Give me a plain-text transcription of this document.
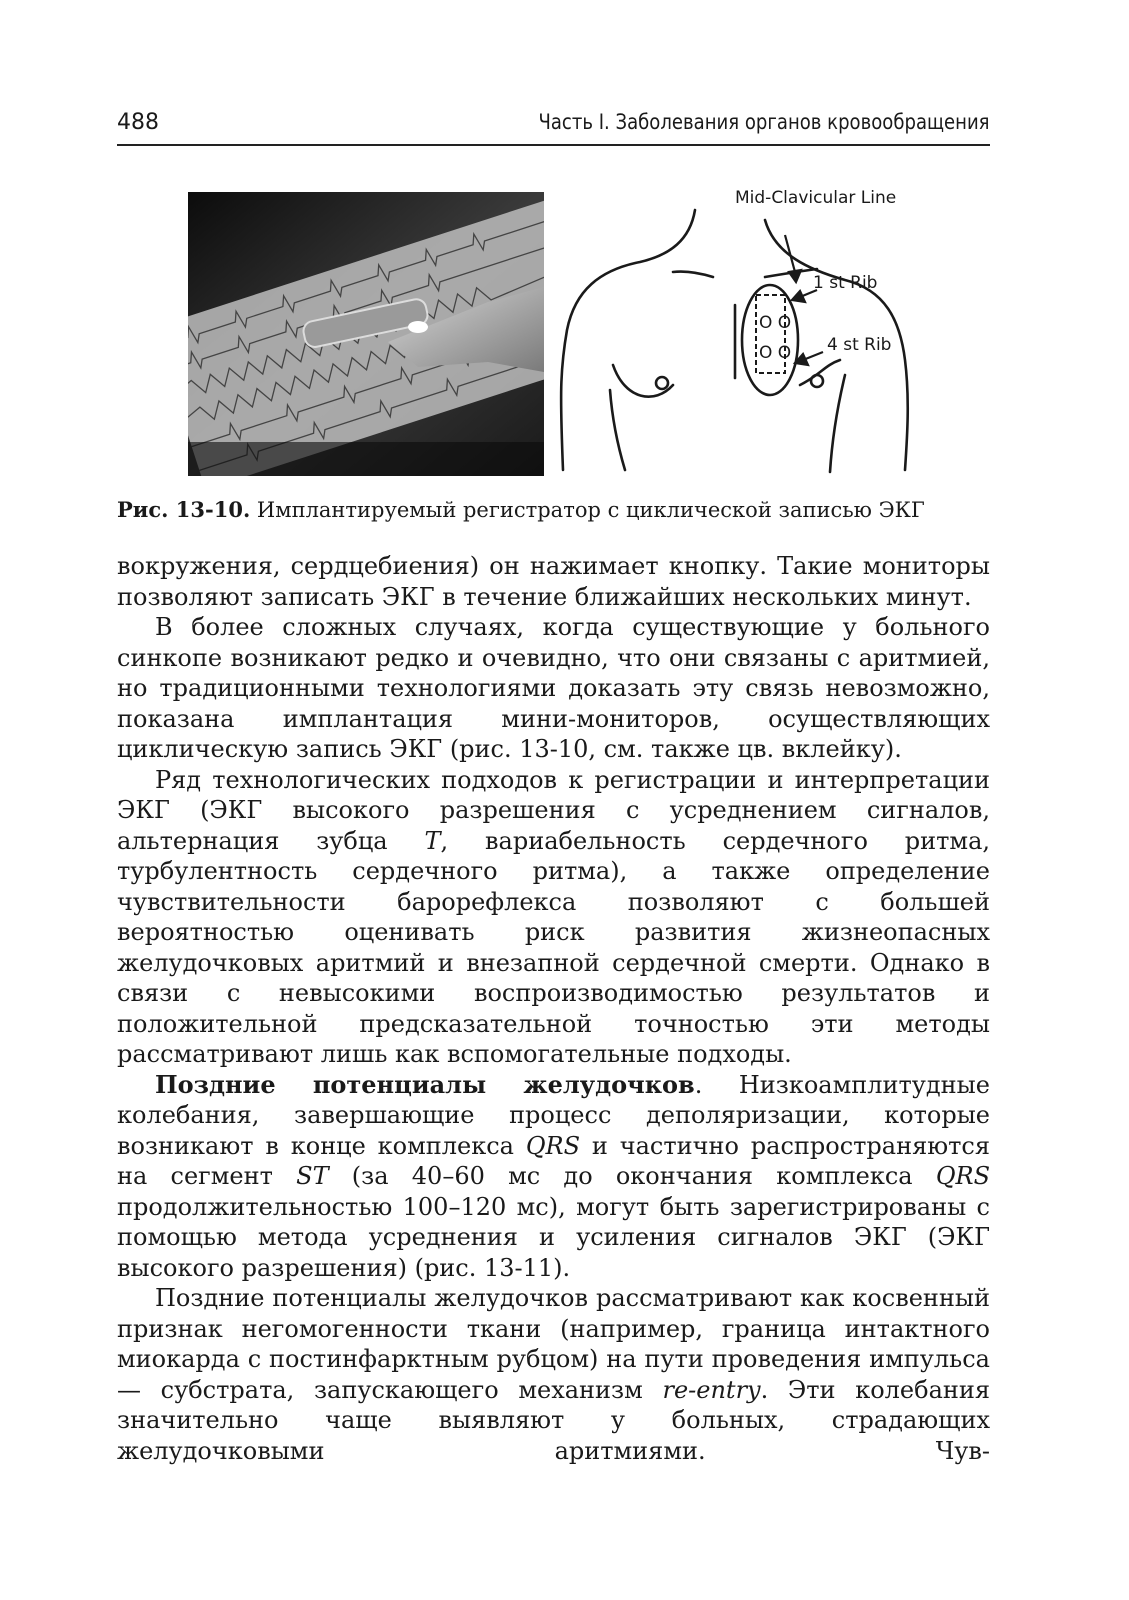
488	Часть I. Заболевания органов кровообращения
O O
O O
Mid-Clavicular Line
1 st Rib
4 st Rib
Рис. 13-10. Имплантируемый регистратор с циклической записью ЭКГ

вокружения, сердцебиения) он нажимает кнопку. Такие мониторы позволяют записать ЭКГ в течение ближайших нескольких минут.

В более сложных случаях, когда существующие у больного синкопе возникают редко и очевидно, что они связаны с аритмией, но традиционными технологиями доказать эту связь невозможно, показана имплантация мини-мониторов, осуществляющих циклическую запись ЭКГ (рис. 13-10, см. также цв. вклейку).

Ряд технологических подходов к регистрации и интерпретации ЭКГ (ЭКГ высокого разрешения с усреднением сигналов, альтернация зубца T, вариабельность сердечного ритма, турбулентность сердечного ритма), а также определение чувствительности барорефлекса позволяют с большей вероятностью оценивать риск развития жизнеопасных желудочковых аритмий и внезапной сердечной смерти. Однако в связи с невысокими воспроизводимостью результатов и положительной предсказательной точностью эти методы рассматривают лишь как вспомогательные подходы.

Поздние потенциалы желудочков. Низкоамплитудные колебания, завершающие процесс деполяризации, которые возникают в конце комплекса QRS и частично распространяются на сегмент ST (за 40–60 мс до окончания комплекса QRS продолжительностью 100–120 мс), могут быть зарегистрированы с помощью метода усреднения и усиления сигналов ЭКГ (ЭКГ высокого разрешения) (рис. 13-11).

Поздние потенциалы желудочков рассматривают как косвенный признак негомогенности ткани (например, граница интактного миокарда с постинфарктным рубцом) на пути проведения импульса — субстрата, запускающего механизм re-entry. Эти колебания значительно чаще выявляют у больных, страдающих желудочковыми аритмиями. Чув-
